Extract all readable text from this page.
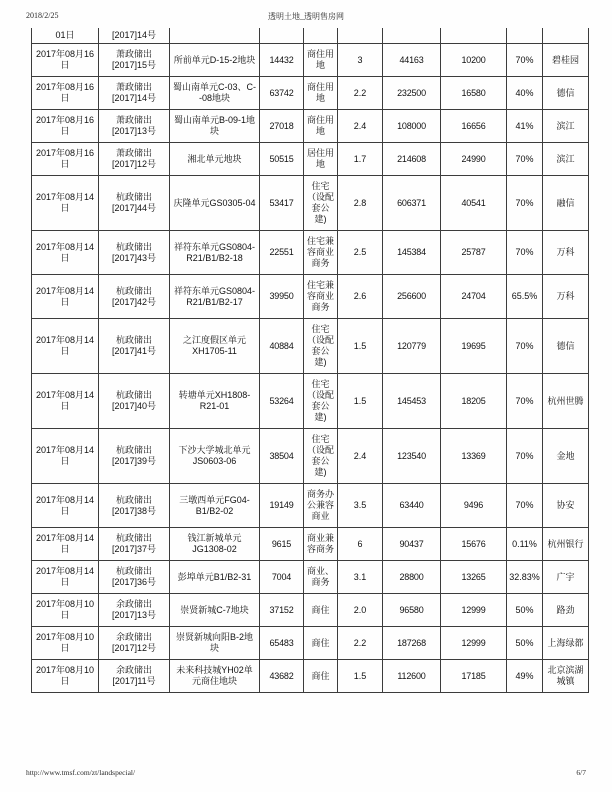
2018/2/25	透明土地_透明售房网
01日	[2017]14号								
2017年08月16日	萧政储出[2017]15号	所前单元D-15-2地块	14432	商住用地	3	44163	10200	70%	碧桂园
2017年08月16日	萧政储出[2017]14号	蜀山南单元C-03、C--08地块	63742	商住用地	2.2	232500	16580	40%	德信
2017年08月16日	萧政储出[2017]13号	蜀山南单元B-09-1地块	27018	商住用地	2.4	108000	16656	41%	滨江
2017年08月16日	萧政储出[2017]12号	湘北单元地块	50515	居住用地	1.7	214608	24990	70%	滨江
2017年08月14日	杭政储出[2017]44号	庆隆单元GS0305-04	53417	住宅（设配套公建)	2.8	606371	40541	70%	融信
2017年08月14日	杭政储出[2017]43号	祥符东单元GS0804-R21/B1/B2-18	22551	住宅兼容商业商务	2.5	145384	25787	70%	万科
2017年08月14日	杭政储出[2017]42号	祥符东单元GS0804-R21/B1/B2-17	39950	住宅兼容商业商务	2.6	256600	24704	65.5%	万科
2017年08月14日	杭政储出[2017]41号	之江度假区单元XH1705-11	40884	住宅（设配套公建)	1.5	120779	19695	70%	德信
2017年08月14日	杭政储出[2017]40号	转塘单元XH1808-R21-01	53264	住宅（设配套公建)	1.5	145453	18205	70%	杭州世腾
2017年08月14日	杭政储出[2017]39号	下沙大学城北单元JS0603-06	38504	住宅（设配套公建)	2.4	123540	13369	70%	金地
2017年08月14日	杭政储出[2017]38号	三墩西单元FG04-B1/B2-02	19149	商务办公兼容商业	3.5	63440	9496	70%	协安
2017年08月14日	杭政储出[2017]37号	钱江新城单元JG1308-02	9615	商业兼容商务	6	90437	15676	0.11%	杭州银行
2017年08月14日	杭政储出[2017]36号	彭埠单元B1/B2-31	7004	商业、商务	3.1	28800	13265	32.83%	广宇
2017年08月10日	余政储出[2017]13号	崇贤新城C-7地块	37152	商住	2.0	96580	12999	50%	路劲
2017年08月10日	余政储出[2017]12号	崇贤新城向阳B-2地块	65483	商住	2.2	187268	12999	50%	上海绿都
2017年08月10日	余政储出[2017]11号	未来科技城YH02单元商住地块	43682	商住	1.5	112600	17185	49%	北京滨湖城镇
http://www.tmsf.com/zt/landspecial/	6/7
